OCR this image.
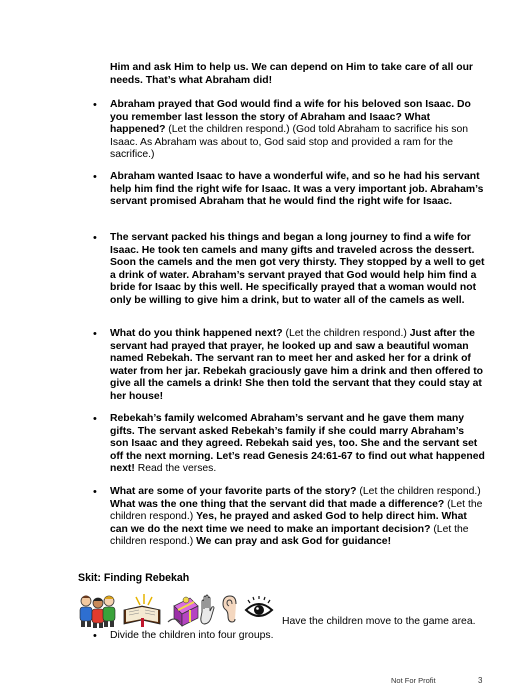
Him and ask Him to help us. We can depend on Him to take care of all our needs. That’s what Abraham did!
• Abraham prayed that God would find a wife for his beloved son Isaac. Do you remember last lesson the story of Abraham and Isaac? What happened? (Let the children respond.) (God told Abraham to sacrifice his son Isaac. As Abraham was about to, God said stop and provided a ram for the sacrifice.)
• Abraham wanted Isaac to have a wonderful wife, and so he had his servant help him find the right wife for Isaac. It was a very important job. Abraham’s servant promised Abraham that he would find the right wife for Isaac.
• The servant packed his things and began a long journey to find a wife for Isaac. He took ten camels and many gifts and traveled across the dessert. Soon the camels and the men got very thirsty. They stopped by a well to get a drink of water. Abraham’s servant prayed that God would help him find a bride for Isaac by this well. He specifically prayed that a woman would not only be willing to give him a drink, but to water all of the camels as well.
• What do you think happened next? (Let the children respond.) Just after the servant had prayed that prayer, he looked up and saw a beautiful woman named Rebekah. The servant ran to meet her and asked her for a drink of water from her jar. Rebekah graciously gave him a drink and then offered to give all the camels a drink! She then told the servant that they could stay at her house!
• Rebekah’s family welcomed Abraham’s servant and he gave them many gifts. The servant asked Rebekah’s family if she could marry Abraham’s son Isaac and they agreed. Rebekah said yes, too. She and the servant set off the next morning. Let’s read Genesis 24:61-67 to find out what happened next! Read the verses.
• What are some of your favorite parts of the story? (Let the children respond.) What was the one thing that the servant did that made a difference? (Let the children respond.) Yes, he prayed and asked God to help direct him. What can we do the next time we need to make an important decision? (Let the children respond.) We can pray and ask God for guidance!
Skit: Finding Rebekah
Have the children move to the game area.
• Divide the children into four groups.
Not For Profit	3
